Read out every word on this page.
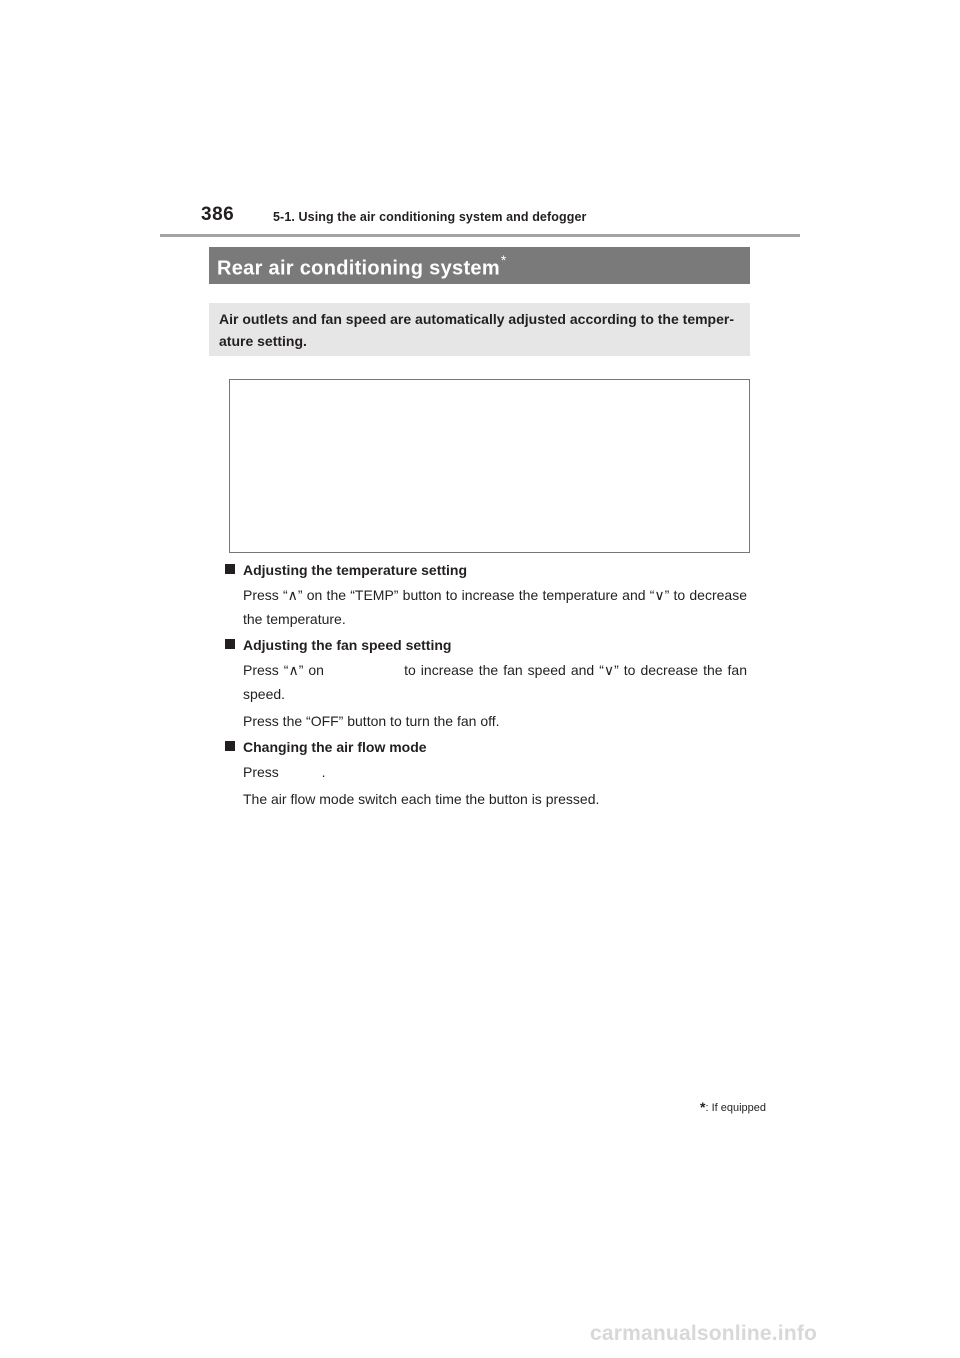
386	5-1. Using the air conditioning system and defogger
Rear air conditioning system*
Air outlets and fan speed are automatically adjusted according to the temper-ature setting.
Adjusting the temperature setting

Press “∧” on the “TEMP” button to increase the temperature and “∨” to decrease the temperature.

Adjusting the fan speed setting

Press “∧” on                to increase the fan speed and “∨” to decrease the fan speed.

Press the “OFF” button to turn the fan off.

Changing the air flow mode

Press           .

The air flow mode switch each time the button is pressed.

*: If equipped
carmanualsonline.info
